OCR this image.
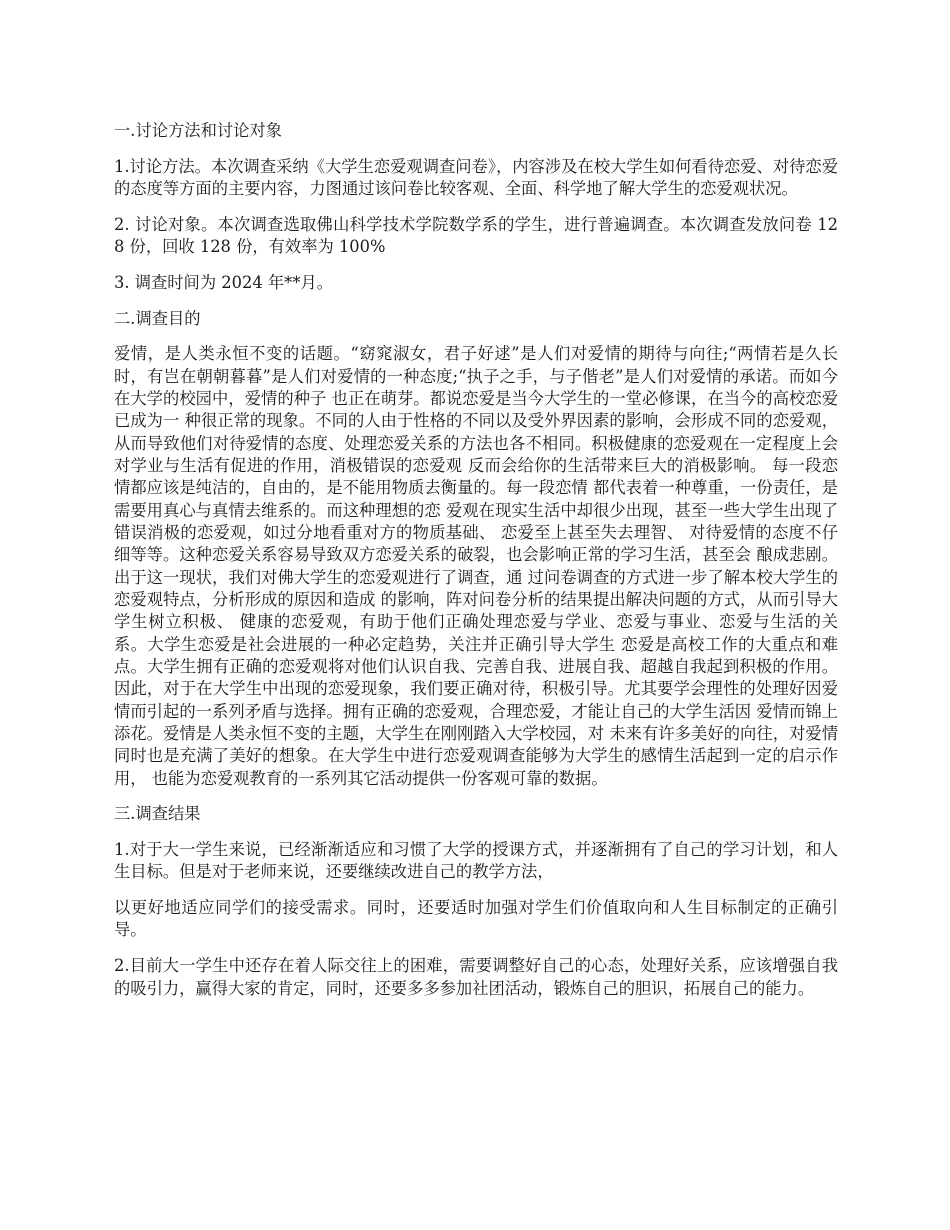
一.讨论方法和讨论对象
1.讨论方法。本次调查采纳《大学生恋爱观调查问卷》，内容涉及在校大学生如何看待恋爱、对待恋爱的态度等方面的主要内容，力图通过该问卷比较客观、全面、科学地了解大学生的恋爱观状况。
2. 讨论对象。本次调查选取佛山科学技术学院数学系的学生，进行普遍调查。本次调查发放问卷 128 份，回收 128 份，有效率为 100%
3. 调查时间为 2024 年**月。
二.调查目的
爱情，是人类永恒不变的话题。“窈窕淑女，君子好逑”是人们对爱情的期待与向往;“两情若是久长时，有岂在朝朝暮暮”是人们对爱情的一种态度;“执子之手，与子偕老”是人们对爱情的承诺。而如今在大学的校园中，爱情的种子 也正在萌芽。都说恋爱是当今大学生的一堂必修课，在当今的高校恋爱已成为一 种很正常的现象。不同的人由于性格的不同以及受外界因素的影响，会形成不同的恋爱观，从而导致他们对待爱情的态度、处理恋爱关系的方法也各不相同。积极健康的恋爱观在一定程度上会对学业与生活有促进的作用，消极错误的恋爱观 反而会给你的生活带来巨大的消极影响。 每一段恋情都应该是纯洁的，自由的，是不能用物质去衡量的。每一段恋情 都代表着一种尊重，一份责任，是需要用真心与真情去维系的。而这种理想的恋 爱观在现实生活中却很少出现，甚至一些大学生出现了错误消极的恋爱观，如过分地看重对方的物质基础、 恋爱至上甚至失去理智、 对待爱情的态度不仔细等等。这种恋爱关系容易导致双方恋爱关系的破裂，也会影响正常的学习生活，甚至会 酿成悲剧。 出于这一现状，我们对佛大学生的恋爱观进行了调查，通 过问卷调查的方式进一步了解本校大学生的恋爱观特点，分析形成的原因和造成 的影响，阵对问卷分析的结果提出解决问题的方式，从而引导大学生树立积极、 健康的恋爱观，有助于他们正确处理恋爱与学业、恋爱与事业、恋爱与生活的关 系。大学生恋爱是社会进展的一种必定趋势，关注并正确引导大学生 恋爱是高校工作的大重点和难点。大学生拥有正确的恋爱观将对他们认识自我、完善自我、进展自我、超越自我起到积极的作用。因此，对于在大学生中出现的恋爱现象，我们要正确对待，积极引导。尤其要学会理性的处理好因爱情而引起的一系列矛盾与选择。拥有正确的恋爱观，合理恋爱，才能让自己的大学生活因 爱情而锦上添花。爱情是人类永恒不变的主题，大学生在刚刚踏入大学校园，对 未来有许多美好的向往，对爱情同时也是充满了美好的想象。在大学生中进行恋爱观调查能够为大学生的感情生活起到一定的启示作用， 也能为恋爱观教育的一系列其它活动提供一份客观可靠的数据。
三.调查结果
1.对于大一学生来说，已经渐渐适应和习惯了大学的授课方式，并逐渐拥有了自己的学习计划，和人生目标。但是对于老师来说，还要继续改进自己的教学方法，
以更好地适应同学们的接受需求。同时，还要适时加强对学生们价值取向和人生目标制定的正确引导。
2.目前大一学生中还存在着人际交往上的困难，需要调整好自己的心态，处理好关系，应该增强自我的吸引力，赢得大家的肯定，同时，还要多多参加社团活动，锻炼自己的胆识，拓展自己的能力。
